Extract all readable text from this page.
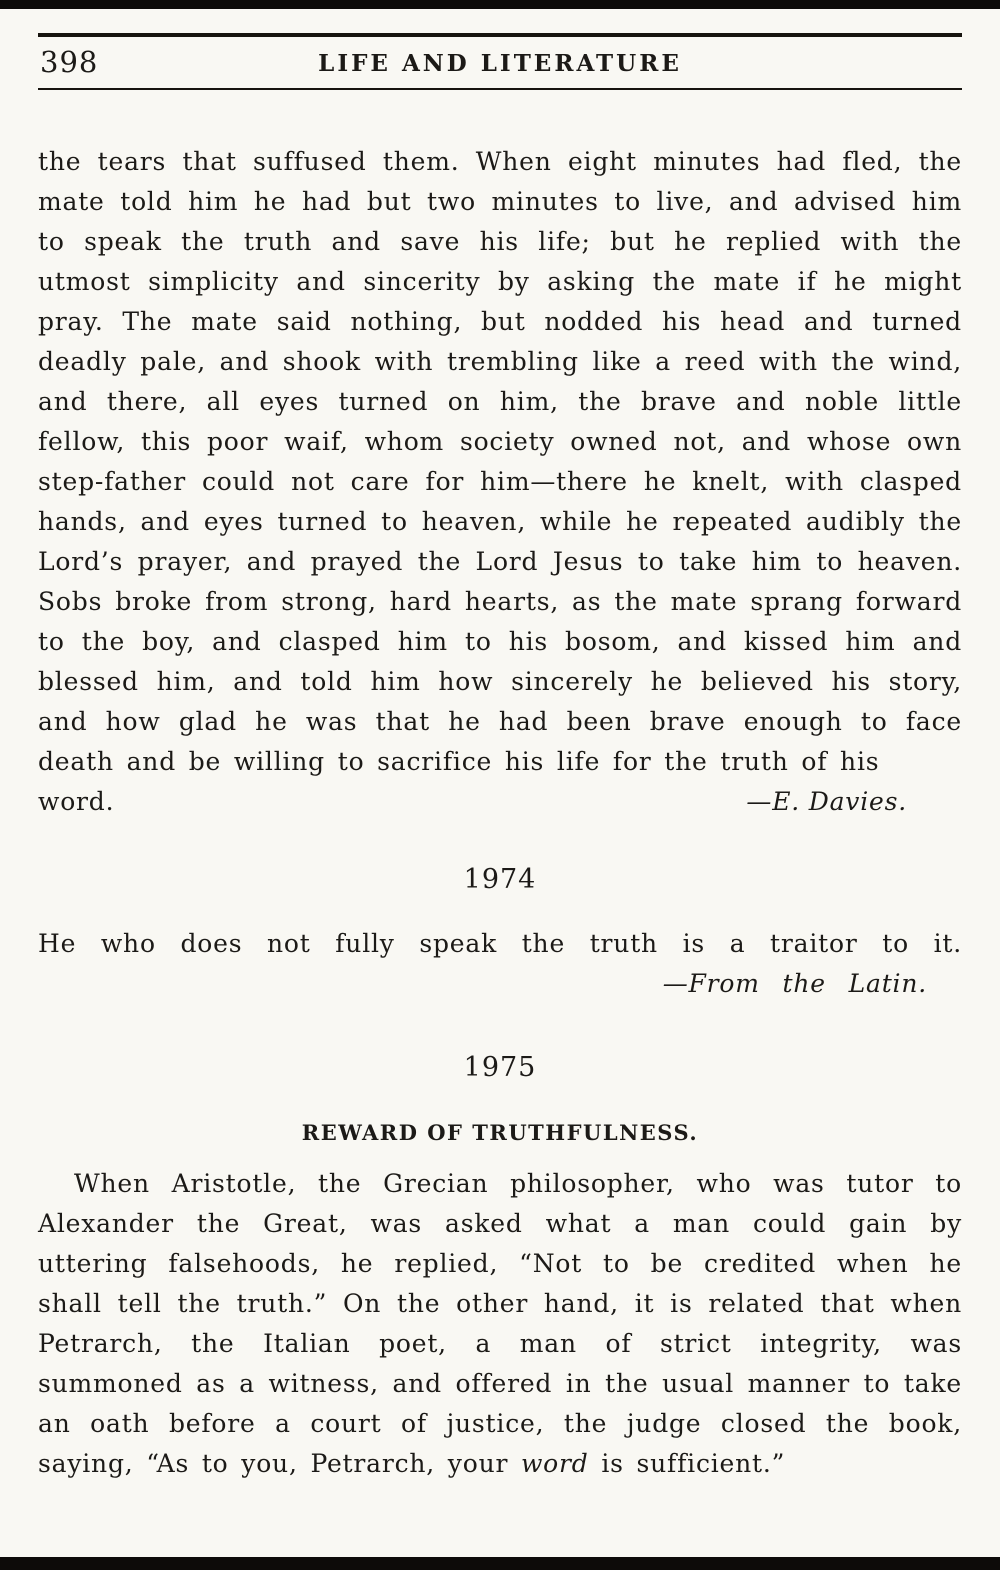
398	LIFE AND LITERATURE

the tears that suffused them. When eight minutes had fled, the mate told him he had but two minutes to live, and advised him to speak the truth and save his life; but he replied with the utmost simplicity and sincerity by asking the mate if he might pray. The mate said nothing, but nodded his head and turned deadly pale, and shook with trembling like a reed with the wind, and there, all eyes turned on him, the brave and noble little fellow, this poor waif, whom society owned not, and whose own step-father could not care for him—there he knelt, with clasped hands, and eyes turned to heaven, while he repeated audibly the Lord’s prayer, and prayed the Lord Jesus to take him to heaven. Sobs broke from strong, hard hearts, as the mate sprang forward to the boy, and clasped him to his bosom, and kissed him and blessed him, and told him how sincerely he believed his story, and how glad he was that he had been brave enough to face death and be willing to sacrifice his life for the truth of his

word.	—E. Davies.

1974

He who does not fully speak the truth is a traitor to it.

—From the Latin.

1975

REWARD OF TRUTHFULNESS.

When Aristotle, the Grecian philosopher, who was tutor to Alexander the Great, was asked what a man could gain by uttering falsehoods, he replied, “Not to be credited when he shall tell the truth.” On the other hand, it is related that when Petrarch, the Italian poet, a man of strict integrity, was summoned as a witness, and offered in the usual manner to take an oath before a court of justice, the judge closed the book, saying, “As to you, Petrarch, your word is sufficient.”
